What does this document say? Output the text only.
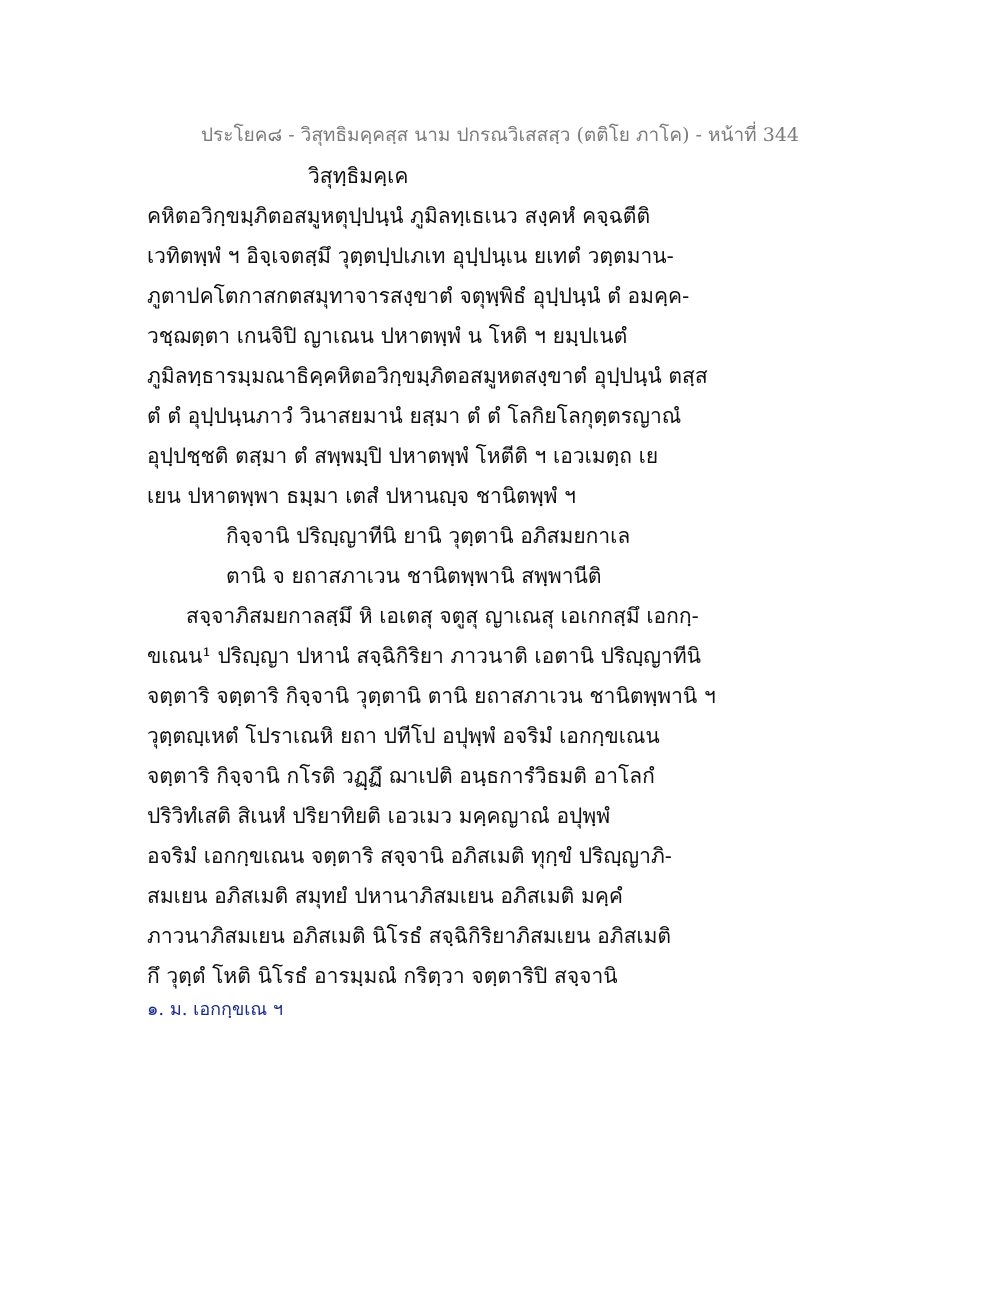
ประโยค๘ - วิสุทธิมคฺคสฺส นาม ปกรณวิเสสสฺว (ตติโย ภาโค) - หน้าที่ 344
วิสุทฺธิมคฺเค
คหิตอวิกฺขมฺภิตอสมูหตุปฺปนฺนํ ภูมิลทฺเธเนว สงฺคหํ คจฺฉตีติ
เวทิตพฺพํ ฯ อิจฺเจตสฺมึ วุตฺตปฺปเภเท อุปฺปนฺเน ยเทตํ วตฺตมาน-
ภูตาปคโตกาสกตสมุทาจารสงฺขาตํ จตุพฺพิธํ อุปฺปนฺนํ ตํ อมคฺค-
วชฺฌตฺตา เกนจิปิ ญาเณน ปหาตพฺพํ น โหติ ฯ ยมฺปเนตํ
ภูมิลทฺธารมฺมณาธิคฺคหิตอวิกฺขมฺภิตอสมูหตสงฺขาตํ อุปฺปนฺนํ ตสฺส
ตํ ตํ อุปฺปนฺนภาวํ วินาสยมานํ ยสฺมา ตํ ตํ โลกิยโลกุตฺตรญาณํ
อุปฺปชฺชติ ตสฺมา ตํ สพฺพมฺปิ ปหาตพฺพํ โหตีติ ฯ เอวเมตฺถ เย
เยน ปหาตพฺพา ธมฺมา เตสํ ปหานญฺจ ชานิตพฺพํ ฯ
กิจฺจานิ ปริญฺญาทีนิ ยานิ วุตฺตานิ อภิสมยกาเล
ตานิ จ ยถาสภาเวน ชานิตพฺพานิ สพฺพานีติ
สจฺจาภิสมยกาลสฺมึ หิ เอเตสุ จตูสุ ญาเณสุ เอเกกสฺมึ เอกกฺ-
ขเณน¹ ปริญฺญา ปหานํ สจฺฉิกิริยา ภาวนาติ เอตานิ ปริญฺญาทีนิ
จตฺตาริ จตฺตาริ กิจฺจานิ วุตฺตานิ ตานิ ยถาสภาเวน ชานิตพฺพานิ ฯ
วุตฺตญฺเหตํ โปราเณหิ ยถา ปทีโป อปุพฺพํ อจริมํ เอกกฺขเณน
จตฺตาริ กิจฺจานิ กโรติ วฏฺฏึ ฌาเปติ อนฺธการํวิธมติ อาโลกํ
ปริวิทํเสติ สิเนหํ ปริยาทิยติ เอวเมว มคฺคญาณํ อปุพฺพํ
อจริมํ เอกกฺขเณน จตฺตาริ สจฺจานิ อภิสเมติ ทุกฺขํ ปริญฺญาภิ-
สมเยน อภิสเมติ สมุทยํ ปหานาภิสมเยน อภิสเมติ มคฺคํ
ภาวนาภิสมเยน อภิสเมติ นิโรธํ สจฺฉิกิริยาภิสมเยน อภิสเมติ
กึ วุตฺตํ โหติ นิโรธํ อารมฺมณํ กริตฺวา จตฺตาริปิ สจฺจานิ
๑. ม. เอกกฺขเณ ฯ
